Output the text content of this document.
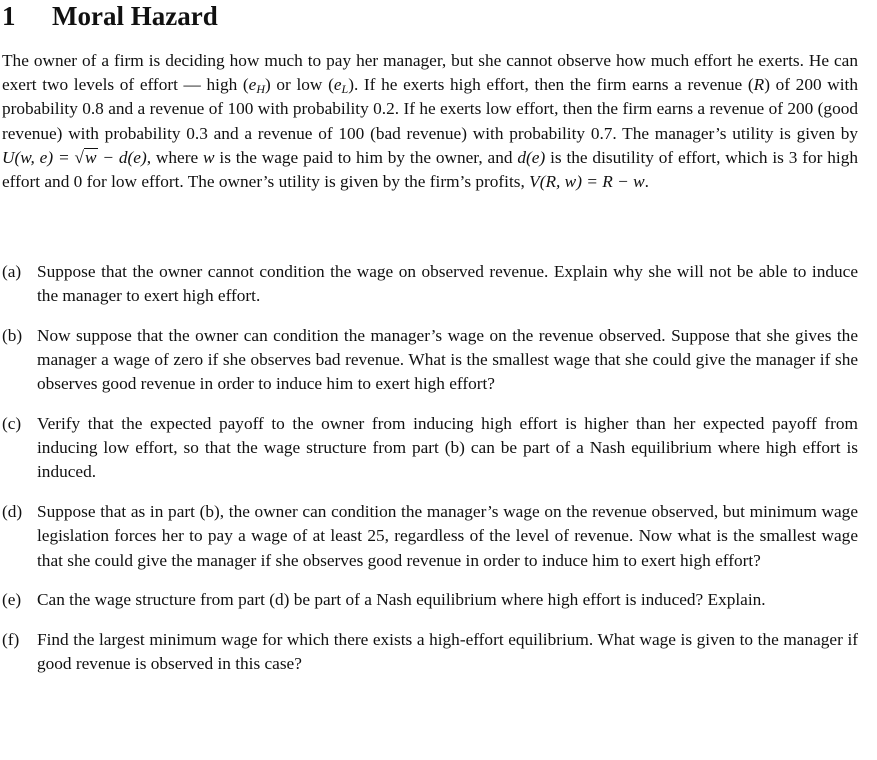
1 Moral Hazard
The owner of a firm is deciding how much to pay her manager, but she cannot observe how much effort he exerts. He can exert two levels of effort — high $(e_H)$ or low $(e_L)$. If he exerts high effort, then the firm earns a revenue (R) of 200 with probability 0.8 and a revenue of 100 with probability 0.2. If he exerts low effort, then the firm earns a revenue of 200 (good revenue) with probability 0.3 and a revenue of 100 (bad revenue) with probability 0.7. The manager’s utility is given by U(w, e) = √w − d(e), where w is the wage paid to him by the owner, and d(e) is the disutility of effort, which is 3 for high effort and 0 for low effort. The owner’s utility is given by the firm’s profits, V(R, w) = R − w.
(a) Suppose that the owner cannot condition the wage on observed revenue. Explain why she will not be able to induce the manager to exert high effort.
(b) Now suppose that the owner can condition the manager’s wage on the revenue observed. Suppose that she gives the manager a wage of zero if she observes bad revenue. What is the smallest wage that she could give the manager if she observes good revenue in order to induce him to exert high effort?
(c) Verify that the expected payoff to the owner from inducing high effort is higher than her expected payoff from inducing low effort, so that the wage structure from part (b) can be part of a Nash equilibrium where high effort is induced.
(d) Suppose that as in part (b), the owner can condition the manager’s wage on the revenue observed, but minimum wage legislation forces her to pay a wage of at least 25, regardless of the level of revenue. Now what is the smallest wage that she could give the manager if she observes good revenue in order to induce him to exert high effort?
(e) Can the wage structure from part (d) be part of a Nash equilibrium where high effort is induced? Explain.
(f) Find the largest minimum wage for which there exists a high-effort equilibrium. What wage is given to the manager if good revenue is observed in this case?
